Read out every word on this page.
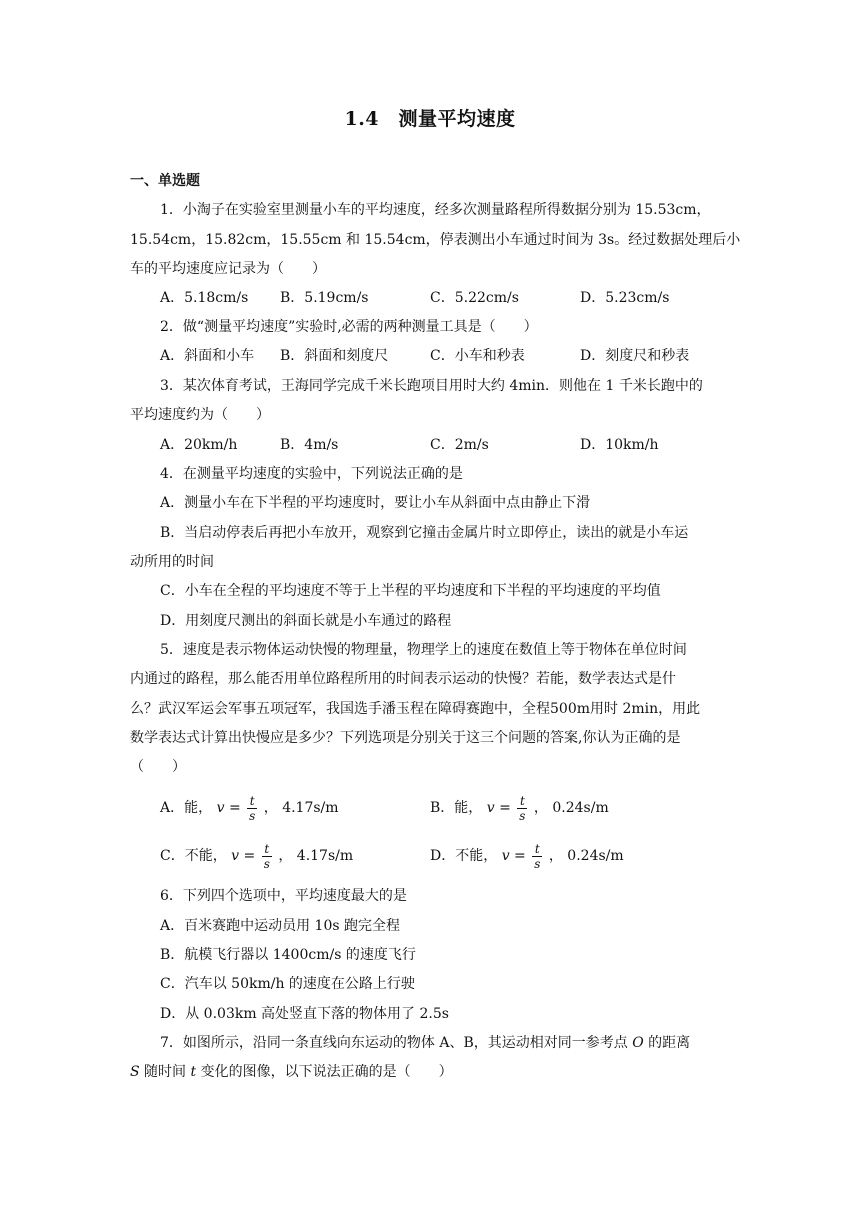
1.4　测量平均速度
一、单选题
1．小淘子在实验室里测量小车的平均速度，经多次测量路程所得数据分别为 15.53cm，
15.54cm，15.82cm，15.55cm 和 15.54cm，停表测出小车通过时间为 3s。经过数据处理后小
车的平均速度应记录为（　　）
A．5.18cm/s B．5.19cm/s	C．5.22cm/s	D．5.23cm/s
2．做“测量平均速度”实验时,必需的两种测量工具是（　　）
A．斜面和小车 B．斜面和刻度尺	C．小车和秒表	D．刻度尺和秒表
3．某次体育考试，王海同学完成千米长跑项目用时大约 4min．则他在 1 千米长跑中的
平均速度约为（　　）
A．20km/h	B．4m/s	C．2m/s	D．10km/h
4．在测量平均速度的实验中，下列说法正确的是
A．测量小车在下半程的平均速度时，要让小车从斜面中点由静止下滑
B．当启动停表后再把小车放开，观察到它撞击金属片时立即停止，读出的就是小车运
动所用的时间
C．小车在全程的平均速度不等于上半程的平均速度和下半程的平均速度的平均值
D．用刻度尺测出的斜面长就是小车通过的路程
5．速度是表示物体运动快慢的物理量，物理学上的速度在数值上等于物体在单位时间
内通过的路程，那么能否用单位路程所用的时间表示运动的快慢？若能，数学表达式是什
么？武汉军运会军事五项冠军，我国选手潘玉程在障碍赛跑中，全程500m用时 2min，用此
数学表达式计算出快慢应是多少？下列选项是分别关于这三个问题的答案,你认为正确的是
（　　）
A．能， $v = \frac{t}{s}$ ， 4.17s/m	B．能， $v = \frac{t}{s}$ ， 0.24s/m
C．不能， $v = \frac{t}{s}$ ， 4.17s/m	D．不能， $v = \frac{t}{s}$ ， 0.24s/m
6．下列四个选项中，平均速度最大的是
A．百米赛跑中运动员用 10s 跑完全程
B．航模飞行器以 1400cm/s 的速度飞行
C．汽车以 50km/h 的速度在公路上行驶
D．从 0.03km 高处竖直下落的物体用了 2.5s
7．如图所示，沿同一条直线向东运动的物体 A、B，其运动相对同一参考点 O 的距离
S 随时间 t 变化的图像，以下说法正确的是（　　）
